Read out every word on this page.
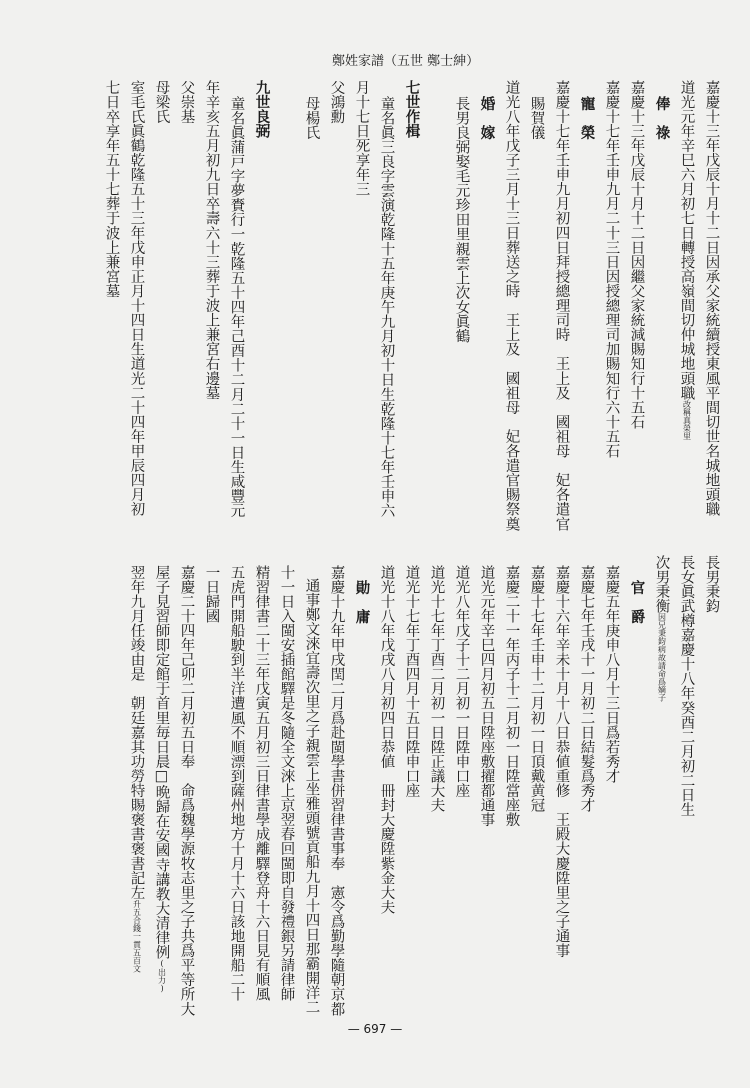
鄭姓家譜（五世 鄭士紳）
嘉慶十三年戊辰十月十二日因承父家統續授東風平間切世名城地頭職
道光元年辛巳六月初七日轉授高嶺間切仲城地頭職改稱真榮里
俸　祿
嘉慶十三年戊辰十月十二日因繼父家統減賜知行十五石
嘉慶十七年壬申九月二十三日因授總理司加賜知行六十五石
寵　榮
嘉慶十七年壬申九月初四日拜授總理司時　王上及　國祖母　妃各遣官
賜賀儀
道光八年戊子三月十三日葬送之時　王上及　國祖母　妃各遣官賜祭奠
婚　嫁
長男良弼娶毛元珍田里親雲上次女眞鶴
七世作楫
童名眞三良字雲演乾隆十五年庚午九月初十日生乾隆十七年壬申六
月十七日死享年三
父鴻勳
母楊氏
九世良弼
童名眞蒲戸字夢賚行一乾隆五十四年己酉十二月二十一日生咸豐元
年辛亥五月初九日卒壽六十三葬于波上兼宮右邊墓
父崇基
母梁氏
室毛氏眞鶴乾隆五十三年戊申正月十四日生道光二十四年甲辰四月初
七日卒享年五十七葬于波上兼宮墓
長男秉鈞
長女眞武樽嘉慶十八年癸酉二月初二日生
次男秉衡因兄秉鈞病故請命爲嫡子
官　爵
嘉慶五年庚申八月十三日爲若秀才
嘉慶七年壬戌十一月初二日結髮爲秀才
嘉慶十六年辛未十月十八日恭値重修　王殿大慶陞里之子通事
嘉慶十七年壬申十二月初一日頂戴黄冠
嘉慶二十一年丙子十二月初一日陞當座敷
道光元年辛巳四月初五日陞座敷擢都通事
道光八年戊子十二月初一日陞申口座
道光十七年丁酉二月初一日陞正議大夫
道光十七年丁酉四月十五日陞申口座
道光十八年戊戌八月初四日恭値　冊封大慶陞紫金大夫
勛　庸
嘉慶十九年甲戌閏二月爲赴閩學書併習律書事奉　憲令爲勤學隨朝京都
通事鄭文淶宜壽次里之子親雲上坐雅頭號貢船九月十四日那霸開洋二
十一日入閩安插館驛是冬隨全文淶上京翌春回閩即自發禮銀另請律師
精習律書二十三年戊寅五月初三日律書學成離驛登舟十六日見有順風
五虎門開船駛到半洋遭風不順漂到薩州地方十月十六日該地開船二十
一日歸國
嘉慶二十四年己卯二月初五日奉　命爲魏學源牧志里之子共爲平等所大
屋子見習師即定館于首里毎日晨□晩歸在安國寺講教大清律例(出力)
翌年九月任竣由是　朝廷嘉其功勞特賜褒書褒書記左升五合錢一貫五百文
— 697 —
